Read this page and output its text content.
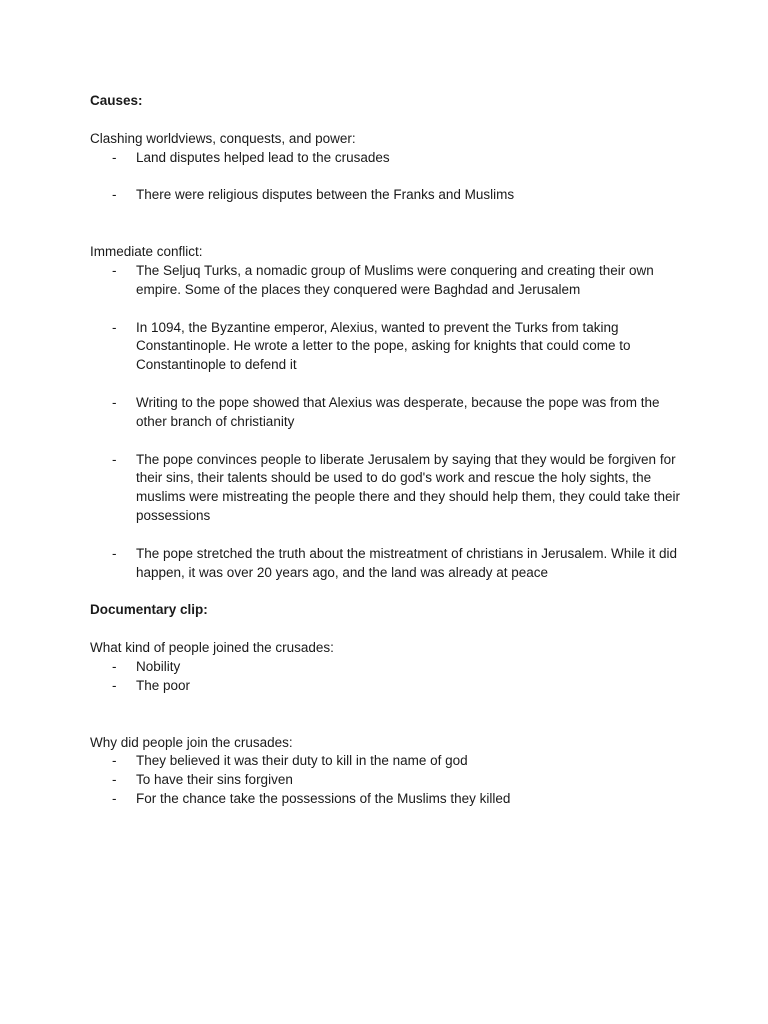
Causes:

Clashing worldviews, conquests, and power:

- Land disputes helped lead to the crusades
- There were religious disputes between the Franks and Muslims

Immediate conflict:

- The Seljuq Turks, a nomadic group of Muslims were conquering and creating their own empire. Some of the places they conquered were Baghdad and Jerusalem
- In 1094, the Byzantine emperor, Alexius, wanted to prevent the Turks from taking Constantinople. He wrote a letter to the pope, asking for knights that could come to Constantinople to defend it
- Writing to the pope showed that Alexius was desperate, because the pope was from the other branch of christianity
- The pope convinces people to liberate Jerusalem by saying that they would be forgiven for their sins, their talents should be used to do god's work and rescue the holy sights, the muslims were mistreating the people there and they should help them, they could take their possessions
- The pope stretched the truth about the mistreatment of christians in Jerusalem. While it did happen, it was over 20 years ago, and the land was already at peace

Documentary clip:

What kind of people joined the crusades:

- Nobility
- The poor

Why did people join the crusades:

- They believed it was their duty to kill in the name of god
- To have their sins forgiven
- For the chance take the possessions of the Muslims they killed
